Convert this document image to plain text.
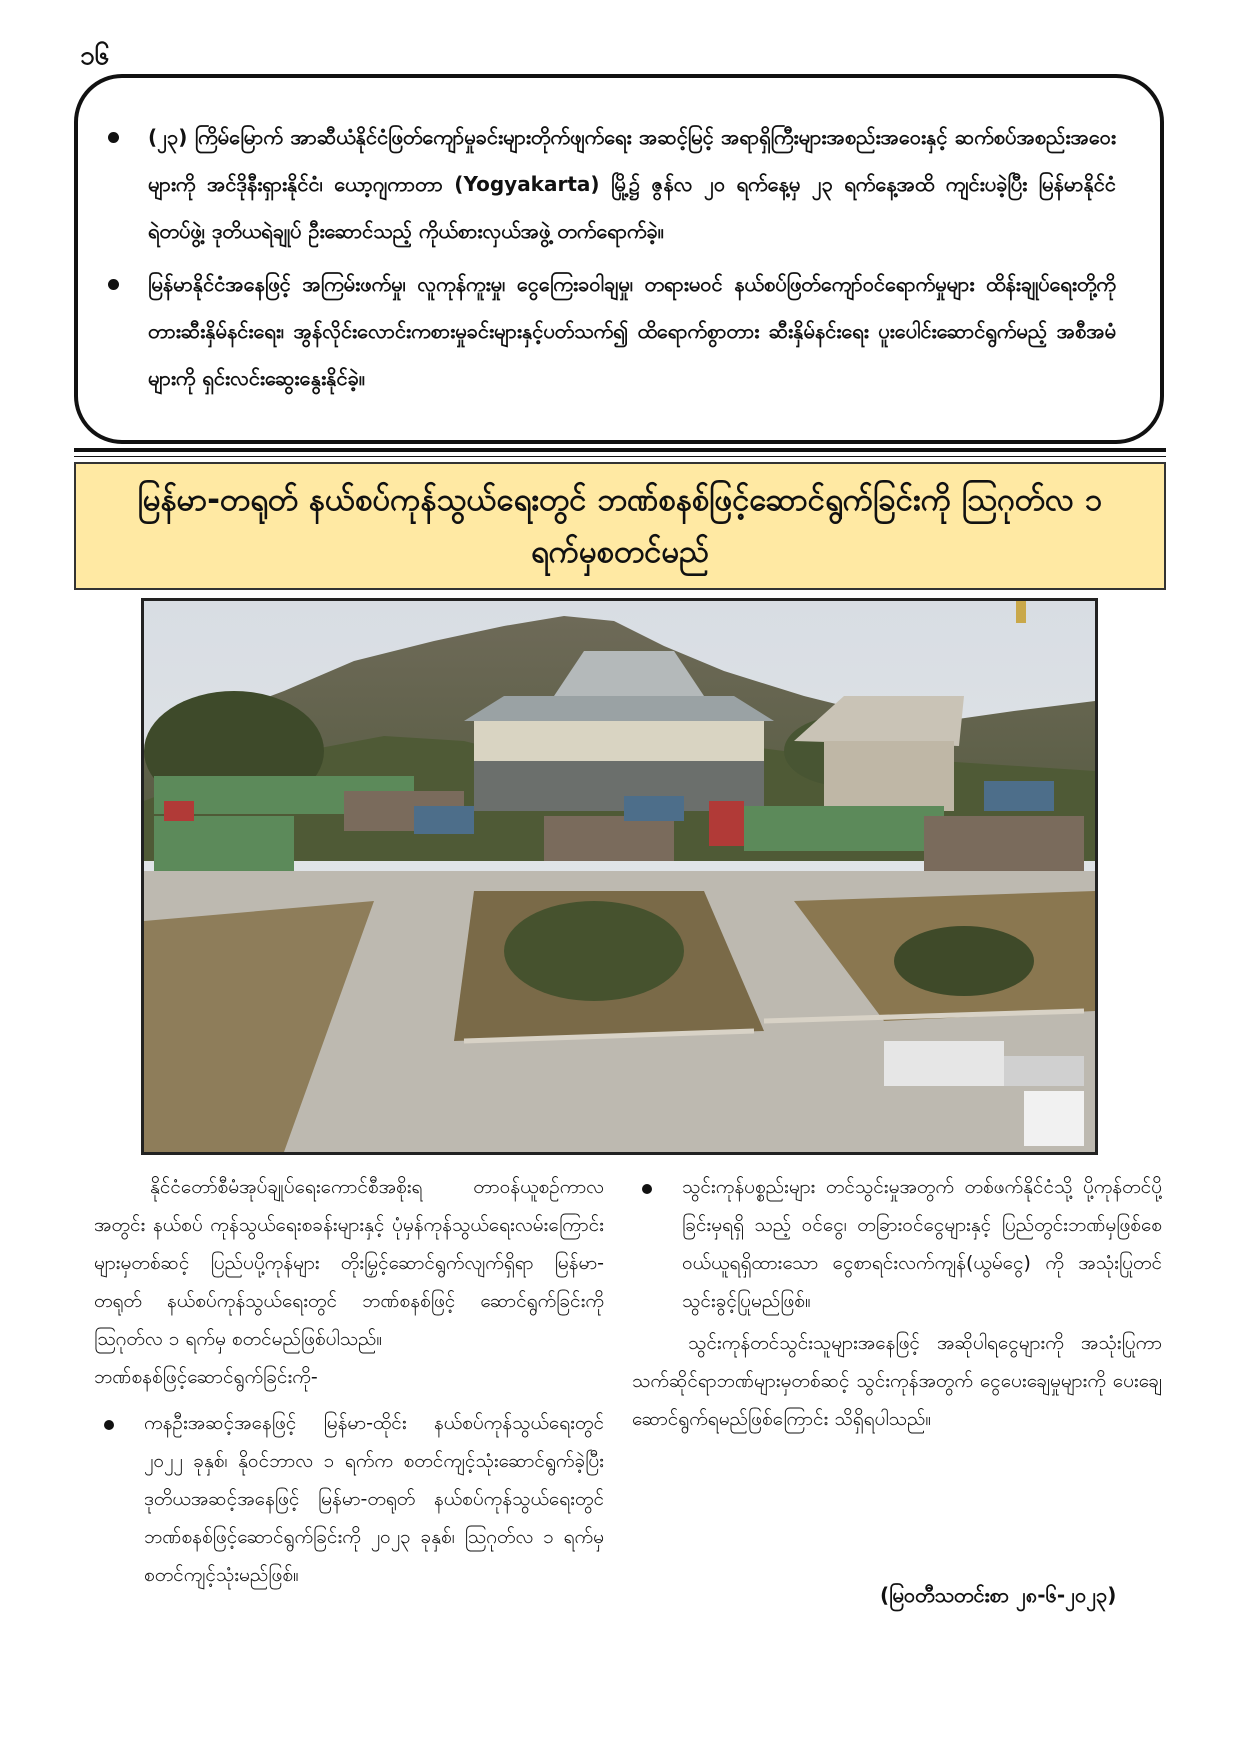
၁၆
(၂၃) ကြိမ်မြောက် အာဆီယံနိုင်ငံဖြတ်ကျော်မှုခင်းများတိုက်ဖျက်ရေး အဆင့်မြင့် အရာရှိကြီးများအစည်းအဝေးနှင့် ဆက်စပ်အစည်းအဝေးများကို အင်ဒိုနီးရှားနိုင်ငံ၊ ယော့ဂျကာတာ (Yogyakarta) မြို့၌ ဇွန်လ ၂၀ ရက်နေ့မှ ၂၃ ရက်နေ့အထိ ကျင်းပခဲ့ပြီး မြန်မာနိုင်ငံရဲတပ်ဖွဲ့၊ ဒုတိယရဲချုပ် ဦးဆောင်သည့် ကိုယ်စားလှယ်အဖွဲ့ တက်ရောက်ခဲ့။
မြန်မာနိုင်ငံအနေဖြင့် အကြမ်းဖက်မှု၊ လူကုန်ကူးမှု၊ ငွေကြေးခဝါချမှု၊ တရားမဝင် နယ်စပ်ဖြတ်ကျော်ဝင်ရောက်မှုများ ထိန်းချုပ်ရေးတို့ကို တားဆီးနှိမ်နင်းရေး၊ အွန်လိုင်းလောင်းကစားမှုခင်းများနှင့်ပတ်သက်၍ ထိရောက်စွာတား ဆီးနှိမ်နင်းရေး ပူးပေါင်းဆောင်ရွက်မည့် အစီအမံများကို ရှင်းလင်းဆွေးနွေးနိုင်ခဲ့။
မြန်မာ-တရုတ် နယ်စပ်ကုန်သွယ်ရေးတွင် ဘဏ်စနစ်ဖြင့်ဆောင်ရွက်ခြင်းကို ဩဂုတ်လ ၁ ရက်မှစတင်မည်

နိုင်ငံတော်စီမံအုပ်ချုပ်ရေးကောင်စီအစိုးရ တာဝန်ယူစဉ်ကာလအတွင်း နယ်စပ် ကုန်သွယ်ရေးစခန်းများနှင့် ပုံမှန်ကုန်သွယ်ရေးလမ်းကြောင်းများမှတစ်ဆင့် ပြည်ပပို့ကုန်များ တိုးမြှင့်ဆောင်ရွက်လျက်ရှိရာ မြန်မာ-တရုတ် နယ်စပ်ကုန်သွယ်ရေးတွင် ဘဏ်စနစ်ဖြင့် ဆောင်ရွက်ခြင်းကို ဩဂုတ်လ ၁ ရက်မှ စတင်မည်ဖြစ်ပါသည်။

ဘဏ်စနစ်ဖြင့်ဆောင်ရွက်ခြင်းကို-

ကနဦးအဆင့်အနေဖြင့် မြန်မာ-ထိုင်း နယ်စပ်ကုန်သွယ်ရေးတွင် ၂၀၂၂ ခုနှစ်၊ နိုဝင်ဘာလ ၁ ရက်က စတင်ကျင့်သုံးဆောင်ရွက်ခဲ့ပြီး ဒုတိယအဆင့်အနေဖြင့် မြန်မာ-တရုတ် နယ်စပ်ကုန်သွယ်ရေးတွင်ဘဏ်စနစ်ဖြင့်ဆောင်ရွက်ခြင်းကို ၂၀၂၃ ခုနှစ်၊ ဩဂုတ်လ ၁ ရက်မှ စတင်ကျင့်သုံးမည်ဖြစ်။
သွင်းကုန်ပစ္စည်းများ တင်သွင်းမှုအတွက် တစ်ဖက်နိုင်ငံသို့ ပို့ကုန်တင်ပို့ခြင်းမှရရှိ သည့် ဝင်ငွေ၊ တခြားဝင်ငွေများနှင့် ပြည်တွင်းဘဏ်မှဖြစ်စေ ဝယ်ယူရရှိထားသော ငွေစာရင်းလက်ကျန်(ယွမ်ငွေ) ကို အသုံးပြုတင်သွင်းခွင့်ပြုမည်ဖြစ်။

သွင်းကုန်တင်သွင်းသူများအနေဖြင့် အဆိုပါရငွေများကို အသုံးပြုကာ သက်ဆိုင်ရာဘဏ်များမှတစ်ဆင့် သွင်းကုန်အတွက် ငွေပေးချေမှုများကို ပေးချေဆောင်ရွက်ရမည်ဖြစ်ကြောင်း သိရှိရပါသည်။

(မြဝတီသတင်းစာ ၂၈-၆-၂၀၂၃)
